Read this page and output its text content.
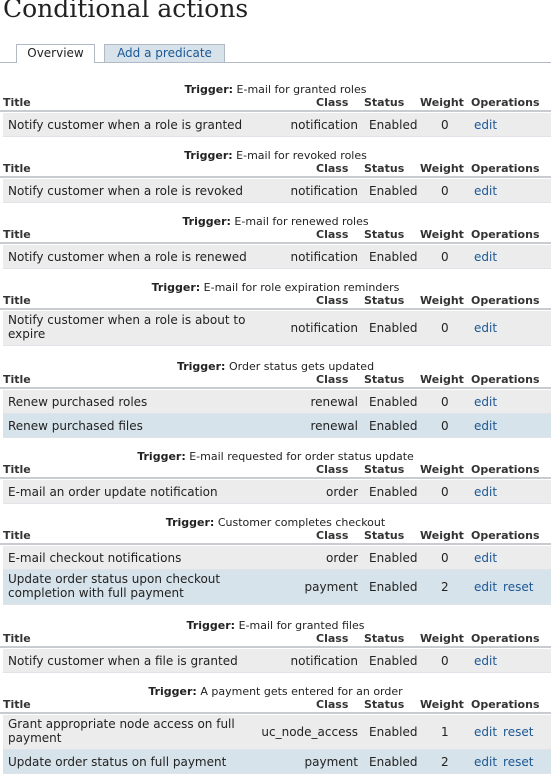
Conditional actions
Overview	Add a predicate
Trigger: E-mail for granted roles
Title	Class Status Weight Operations
Notify customer when a role is granted	notification Enabled 0 edit
Trigger: E-mail for revoked roles
Title	Class Status Weight Operations
Notify customer when a role is revoked	notification Enabled 0 edit
Trigger: E-mail for renewed roles
Title	Class Status Weight Operations
Notify customer when a role is renewed	notification Enabled 0 edit
Trigger: E-mail for role expiration reminders
Title	Class Status Weight Operations
Notify customer when a role is about to expire	notification Enabled 0 edit
Trigger: Order status gets updated
Title	Class Status Weight Operations
Renew purchased roles	renewal Enabled 0 edit
Renew purchased files	renewal Enabled 0 edit
Trigger: E-mail requested for order status update
Title	Class Status Weight Operations
E-mail an order update notification	order Enabled 0 edit
Trigger: Customer completes checkout
Title	Class Status Weight Operations
E-mail checkout notifications	order Enabled 0 edit
Update order status upon checkout completion with full payment	payment Enabled 2 edit reset
Trigger: E-mail for granted files
Title	Class Status Weight Operations
Notify customer when a file is granted	notification Enabled 0 edit
Trigger: A payment gets entered for an order
Title	Class Status Weight Operations
Grant appropriate node access on full payment	uc_node_access Enabled 1 edit reset
Update order status on full payment	payment Enabled 2 edit reset
